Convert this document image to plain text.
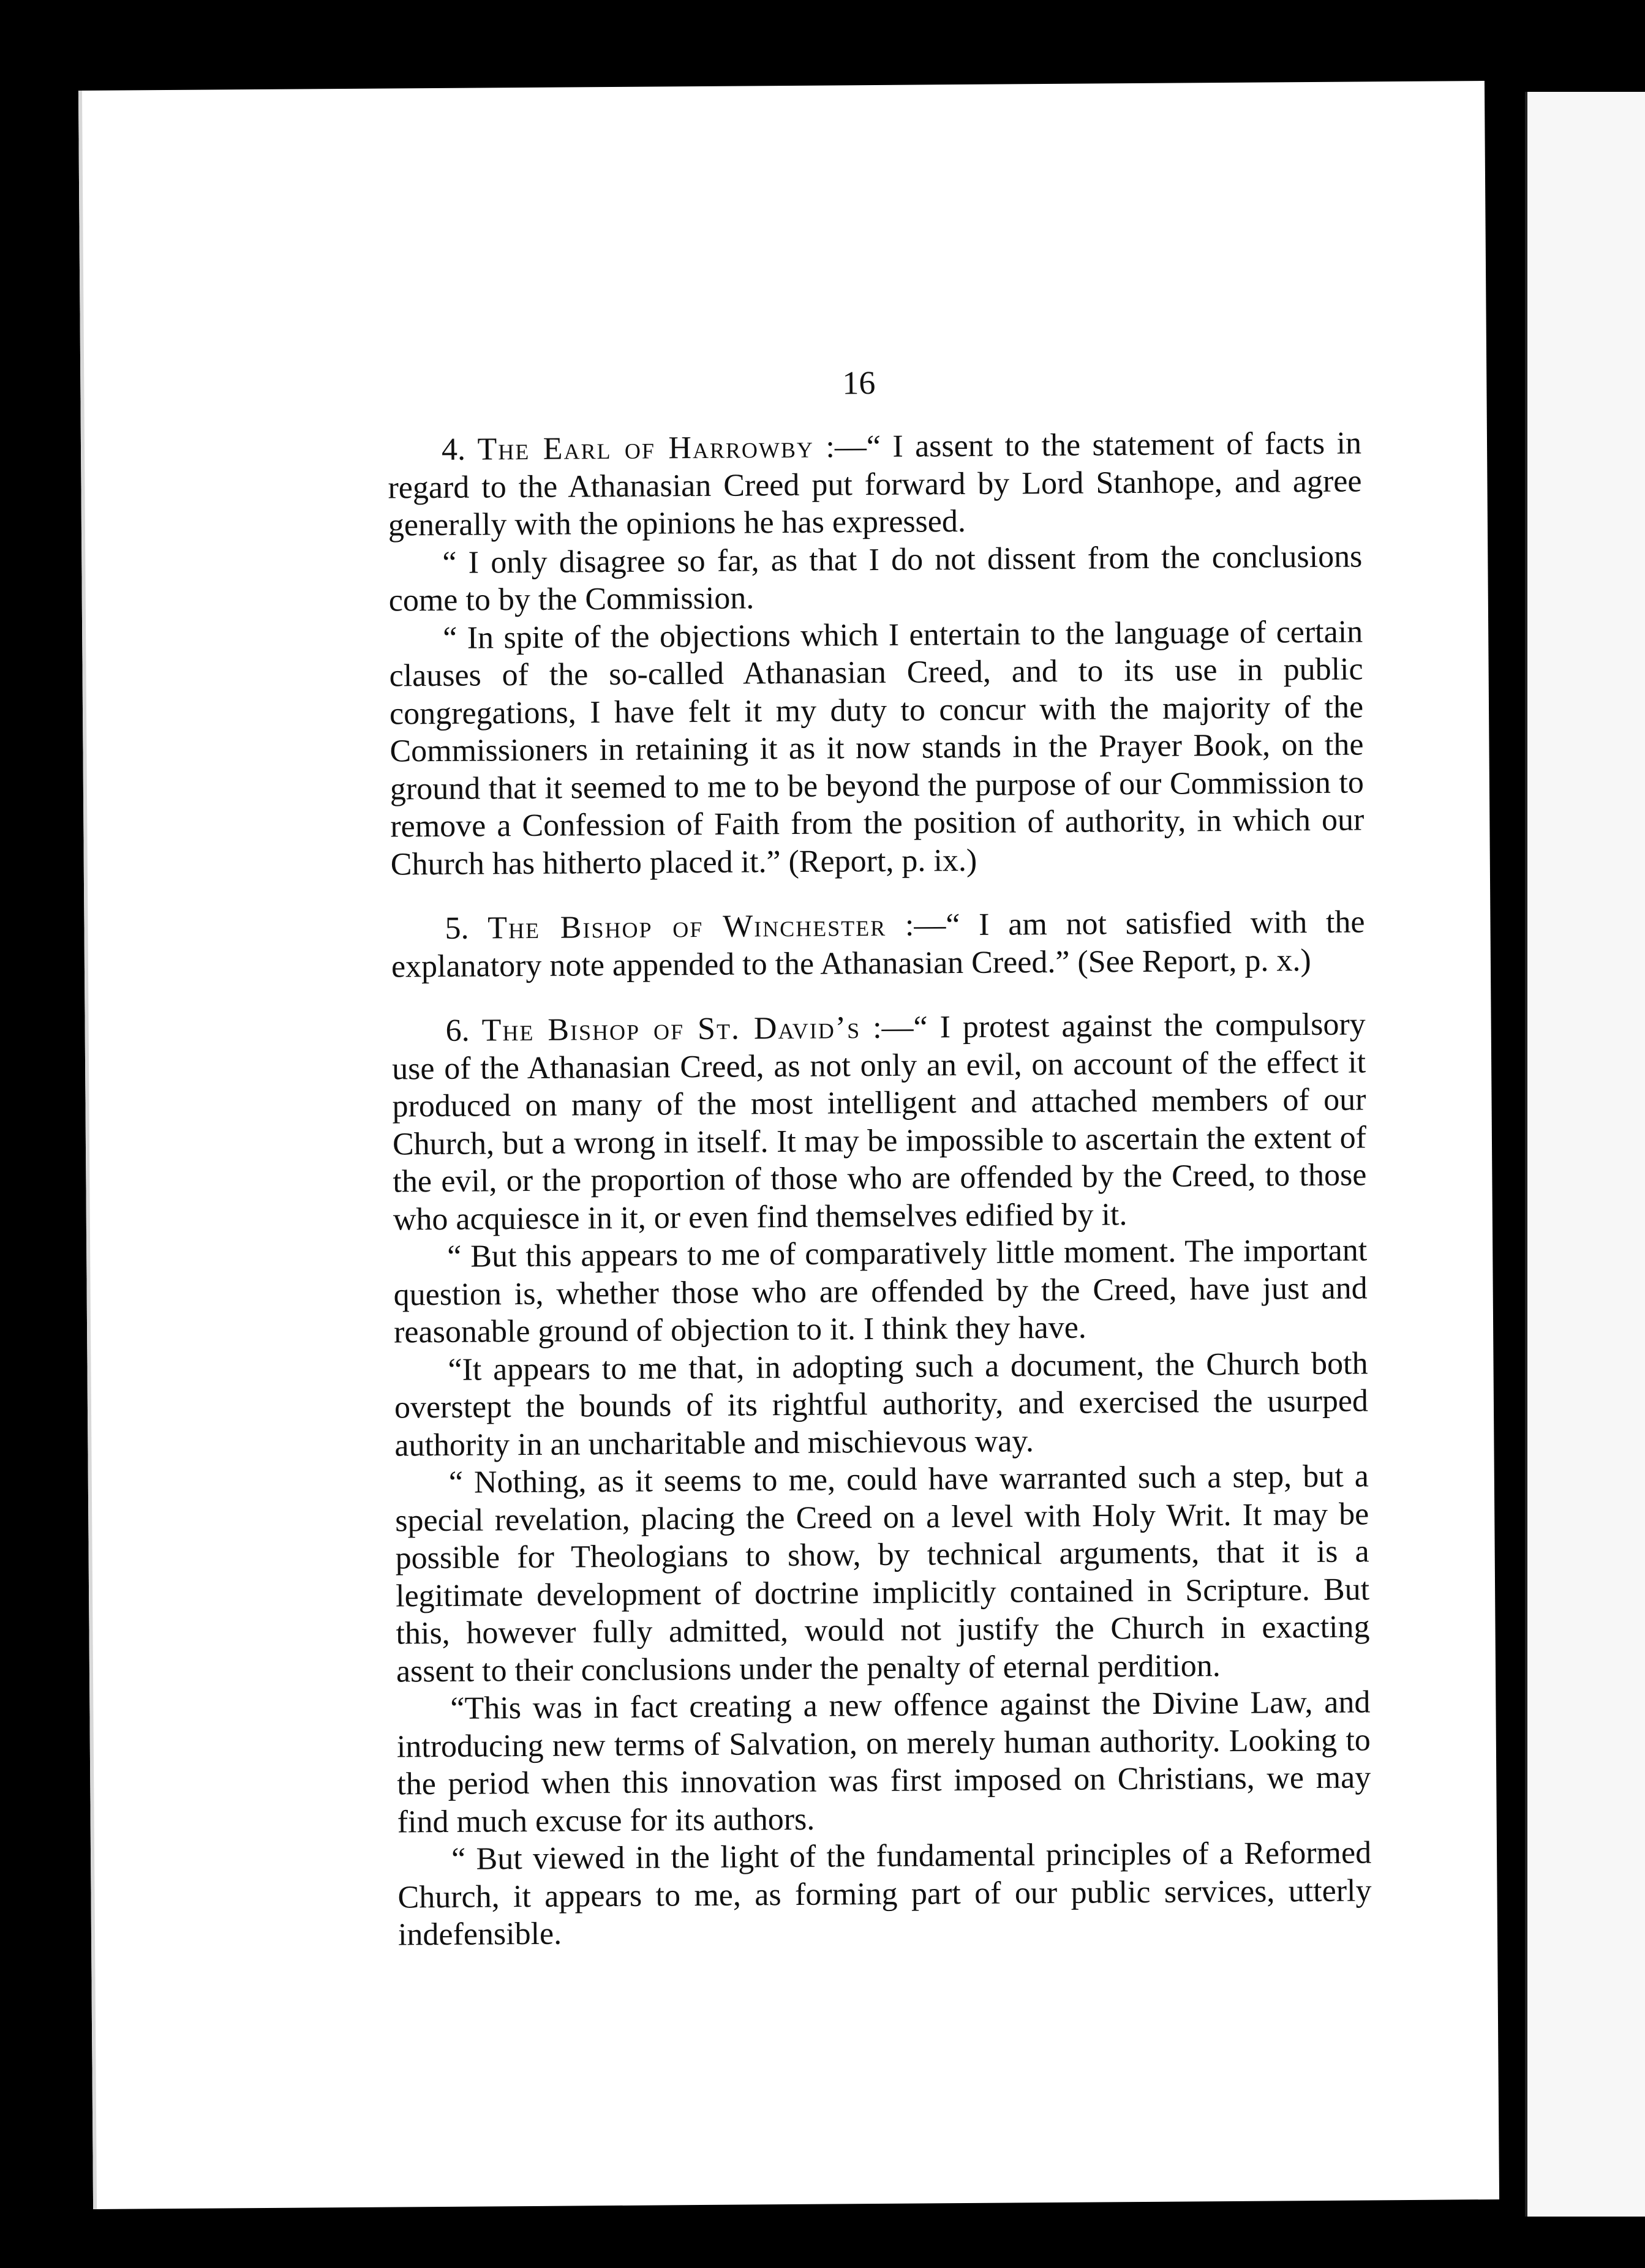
16

4. The Earl of Harrowby :—“ I assent to the statement of facts in regard to the Athanasian Creed put forward by Lord Stanhope, and agree generally with the opinions he has expressed.

“ I only disagree so far, as that I do not dissent from the conclusions come to by the Commission.

“ In spite of the objections which I entertain to the language of certain clauses of the so-called Athanasian Creed, and to its use in public congregations, I have felt it my duty to concur with the majority of the Commissioners in retaining it as it now stands in the Prayer Book, on the ground that it seemed to me to be beyond the purpose of our Commission to remove a Confession of Faith from the position of authority, in which our Church has hitherto placed it.” (Report, p. ix.)

5. The Bishop of Winchester :—“ I am not satisfied with the explanatory note appended to the Athanasian Creed.” (See Report, p. x.)

6. The Bishop of St. David’s :—“ I protest against the compulsory use of the Athanasian Creed, as not only an evil, on account of the effect it produced on many of the most intelligent and attached members of our Church, but a wrong in itself. It may be impossible to ascertain the extent of the evil, or the proportion of those who are offended by the Creed, to those who acquiesce in it, or even find themselves edified by it.

“ But this appears to me of comparatively little moment. The important question is, whether those who are offended by the Creed, have just and reasonable ground of objection to it. I think they have.

“It appears to me that, in adopting such a document, the Church both overstept the bounds of its rightful authority, and exercised the usurped authority in an uncharitable and mischievous way.

“ Nothing, as it seems to me, could have warranted such a step, but a special revelation, placing the Creed on a level with Holy Writ. It may be possible for Theologians to show, by technical arguments, that it is a legitimate development of doctrine implicitly contained in Scripture. But this, however fully admitted, would not justify the Church in exacting assent to their conclusions under the penalty of eternal perdition.

“This was in fact creating a new offence against the Divine Law, and introducing new terms of Salvation, on merely human authority. Looking to the period when this innovation was first imposed on Christians, we may find much excuse for its authors.

“ But viewed in the light of the fundamental principles of a Reformed Church, it appears to me, as forming part of our public services, utterly indefensible.
